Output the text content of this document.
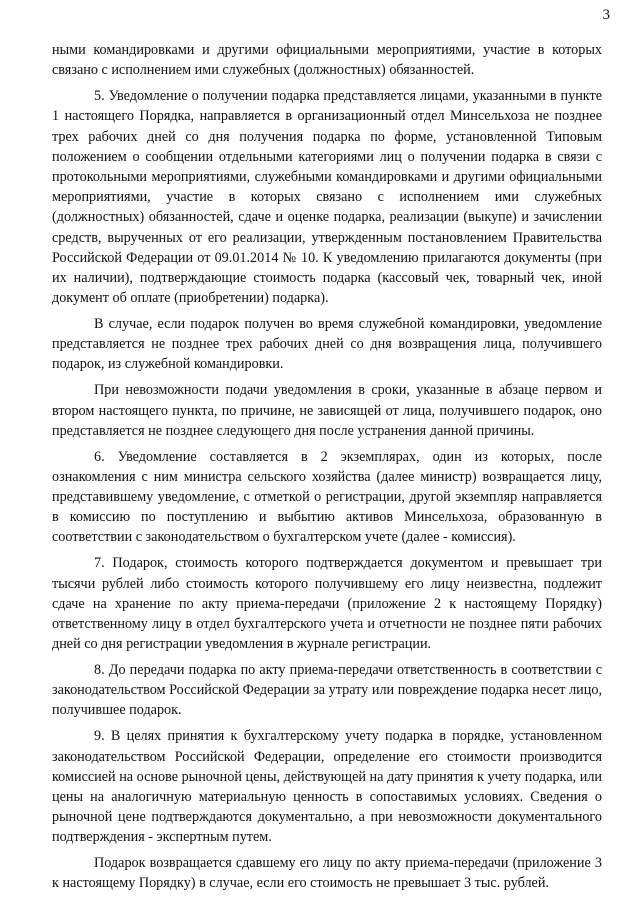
3

ными командировками и другими официальными мероприятиями, участие в которых связано с исполнением ими служебных (должностных) обязанностей.

5. Уведомление о получении подарка представляется лицами, указанными в пункте 1 настоящего Порядка, направляется в организационный отдел Минсельхоза не позднее трех рабочих дней со дня получения подарка по форме, установленной Типовым положением о сообщении отдельными категориями лиц о получении подарка в связи с протокольными мероприятиями, служебными командировками и другими официальными мероприятиями, участие в которых связано с исполнением ими служебных (должностных) обязанностей, сдаче и оценке подарка, реализации (выкупе) и зачислении средств, вырученных от его реализации, утвержденным постановлением Правительства Российской Федерации от 09.01.2014 № 10. К уведомлению прилагаются документы (при их наличии), подтверждающие стоимость подарка (кассовый чек, товарный чек, иной документ об оплате (приобретении) подарка).

В случае, если подарок получен во время служебной командировки, уведомление представляется не позднее трех рабочих дней со дня возвращения лица, получившего подарок, из служебной командировки.

При невозможности подачи уведомления в сроки, указанные в абзаце первом и втором настоящего пункта, по причине, не зависящей от лица, получившего подарок, оно представляется не позднее следующего дня после устранения данной причины.

6. Уведомление составляется в 2 экземплярах, один из которых, после ознакомления с ним министра сельского хозяйства (далее министр) возвращается лицу, представившему уведомление, с отметкой о регистрации, другой экземпляр направляется в комиссию по поступлению и выбытию активов Минсельхоза, образованную в соответствии с законодательством о бухгалтерском учете (далее - комиссия).

7. Подарок, стоимость которого подтверждается документом и превышает три тысячи рублей либо стоимость которого получившему его лицу неизвестна, подлежит сдаче на хранение по акту приема-передачи (приложение 2 к настоящему Порядку) ответственному лицу в отдел бухгалтерского учета и отчетности не позднее пяти рабочих дней со дня регистрации уведомления в журнале регистрации.

8. До передачи подарка по акту приема-передачи ответственность в соответствии с законодательством Российской Федерации за утрату или повреждение подарка несет лицо, получившее подарок.

9. В целях принятия к бухгалтерскому учету подарка в порядке, установленном законодательством Российской Федерации, определение его стоимости производится комиссией на основе рыночной цены, действующей на дату принятия к учету подарка, или цены на аналогичную материальную ценность в сопоставимых условиях. Сведения о рыночной цене подтверждаются документально, а при невозможности документального подтверждения - экспертным путем.

Подарок возвращается сдавшему его лицу по акту приема-передачи (приложение 3 к настоящему Порядку) в случае, если его стоимость не превышает 3 тыс. рублей.
